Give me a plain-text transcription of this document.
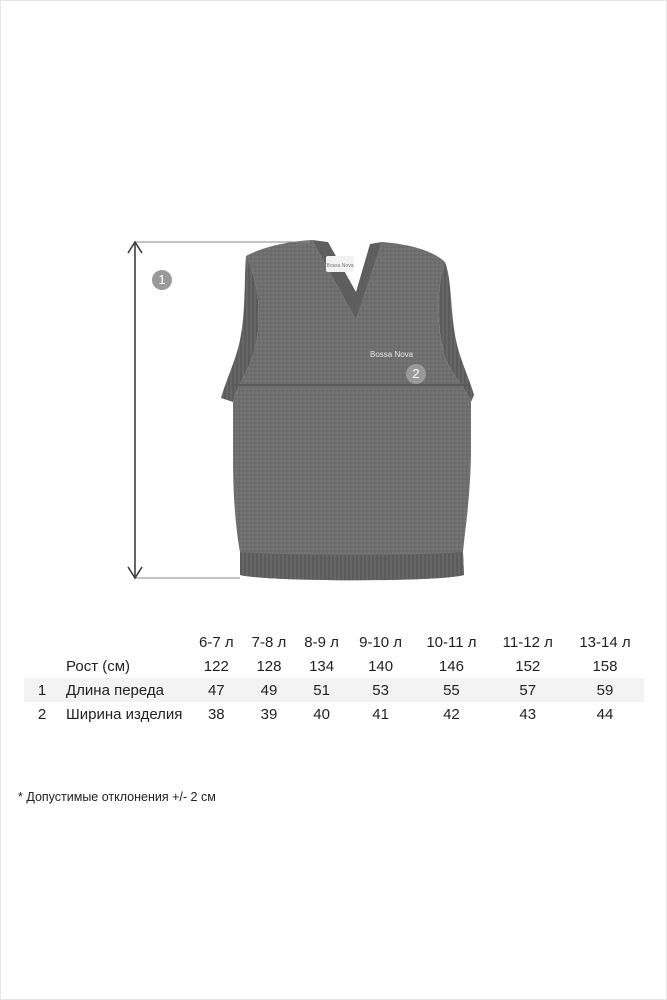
Bossa Nova
Bossa Nova
1
2
		6-7 л	7-8 л	8-9 л	9-10 л	10-11 л	11-12 л	13-14 л
	Рост (см)	122	128	134	140	146	152	158
1	Длина переда	47	49	51	53	55	57	59
2	Ширина изделия	38	39	40	41	42	43	44
* Допустимые отклонения +/- 2 см
